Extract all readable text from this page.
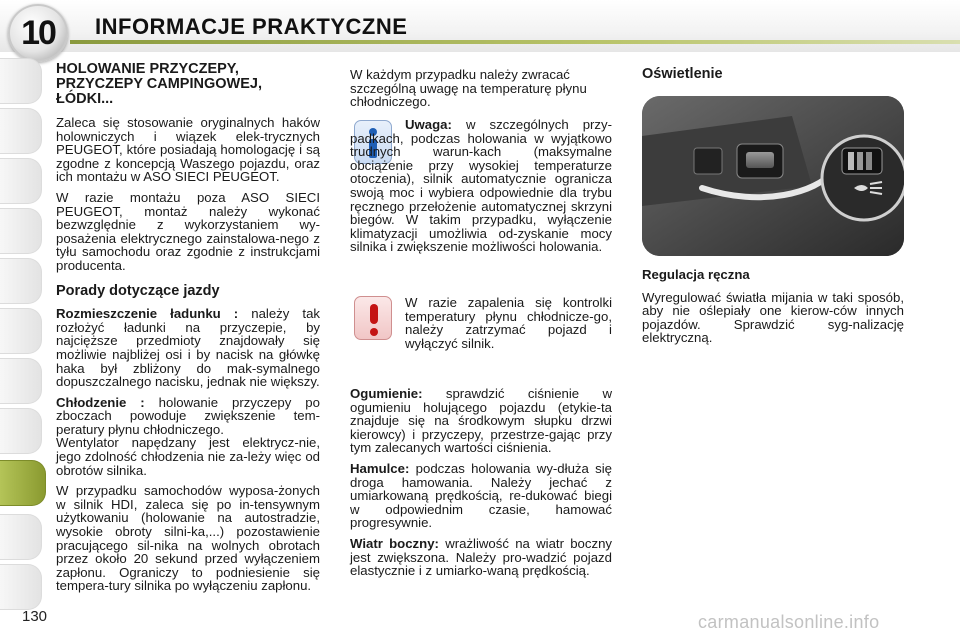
10 INFORMACJE PRAKTYCZNE
HOLOWANIE PRZYCZEPY, PRZYCZEPY CAMPINGOWEJ, ŁÓDKI...

Zaleca się stosowanie oryginalnych haków holowniczych i wiązek elek-trycznych PEUGEOT, które posiadają homologację i są zgodne z koncepcją Waszego pojazdu, oraz ich montażu w ASO SIECI PEUGEOT.

W razie montażu poza ASO SIECI PEUGEOT, montaż należy wykonać bezwzględnie z wykorzystaniem wy-posażenia elektrycznego zainstalowa-nego z tyłu samochodu oraz zgodnie z instrukcjami producenta.

Porady dotyczące jazdy

Rozmieszczenie ładunku : należy tak rozłożyć ładunki na przyczepie, by najcięższe przedmioty znajdowały się możliwie najbliżej osi i by nacisk na główkę haka był zbliżony do mak-symalnego dopuszczalnego nacisku, jednak nie większy.

Chłodzenie : holowanie przyczepy po zboczach powoduje zwiększenie tem-peratury płynu chłodniczego.

Wentylator napędzany jest elektrycz-nie, jego zdolność chłodzenia nie za-leży więc od obrotów silnika.

W przypadku samochodów wyposa-żonych w silnik HDI, zaleca się po in-tensywnym użytkowaniu (holowanie na autostradzie, wysokie obroty silni-ka,...) pozostawienie pracującego sil-nika na wolnych obrotach przez około 20 sekund przed wyłączeniem zapłonu. Ograniczy to podniesienie się tempera-tury silnika po wyłączeniu zapłonu.

W każdym przypadku należy zwracać szczególną uwagę na temperaturę płynu chłodniczego.

Uwaga: w szczególnych przy-padkach, podczas holowania w wyjątkowo trudnych warun-kach (maksymalne obciążenie przy wysokiej temperaturze otoczenia), silnik automatycznie ogranicza swoją moc i wybiera odpowiednie dla trybu ręcznego przełożenie automatycznej skrzyni biegów. W takim przypadku, wyłączenie klimatyzacji umożliwia od-zyskanie mocy silnika i zwiększenie możliwości holowania.

W razie zapalenia się kontrolki temperatury płynu chłodnicze-go, należy zatrzymać pojazd i wyłączyć silnik.

Ogumienie: sprawdzić ciśnienie w ogumieniu holującego pojazdu (etykie-ta znajduje się na środkowym słupku drzwi kierowcy) i przyczepy, przestrze-gając przy tym zalecanych wartości ciśnienia.

Hamulce: podczas holowania wy-dłuża się droga hamowania. Należy jechać z umiarkowaną prędkością, re-dukować biegi w odpowiednim czasie, hamować progresywnie.

Wiatr boczny: wrażliwość na wiatr boczny jest zwiększona. Należy pro-wadzić pojazd elastycznie i z umiarko-waną prędkością.

Oświetlenie
Regulacja ręczna

Wyregulować światła mijania w taki sposób, aby nie oślepiały one kierow-ców innych pojazdów. Sprawdzić syg-nalizację elektryczną.

130	carmanualsonline.info
